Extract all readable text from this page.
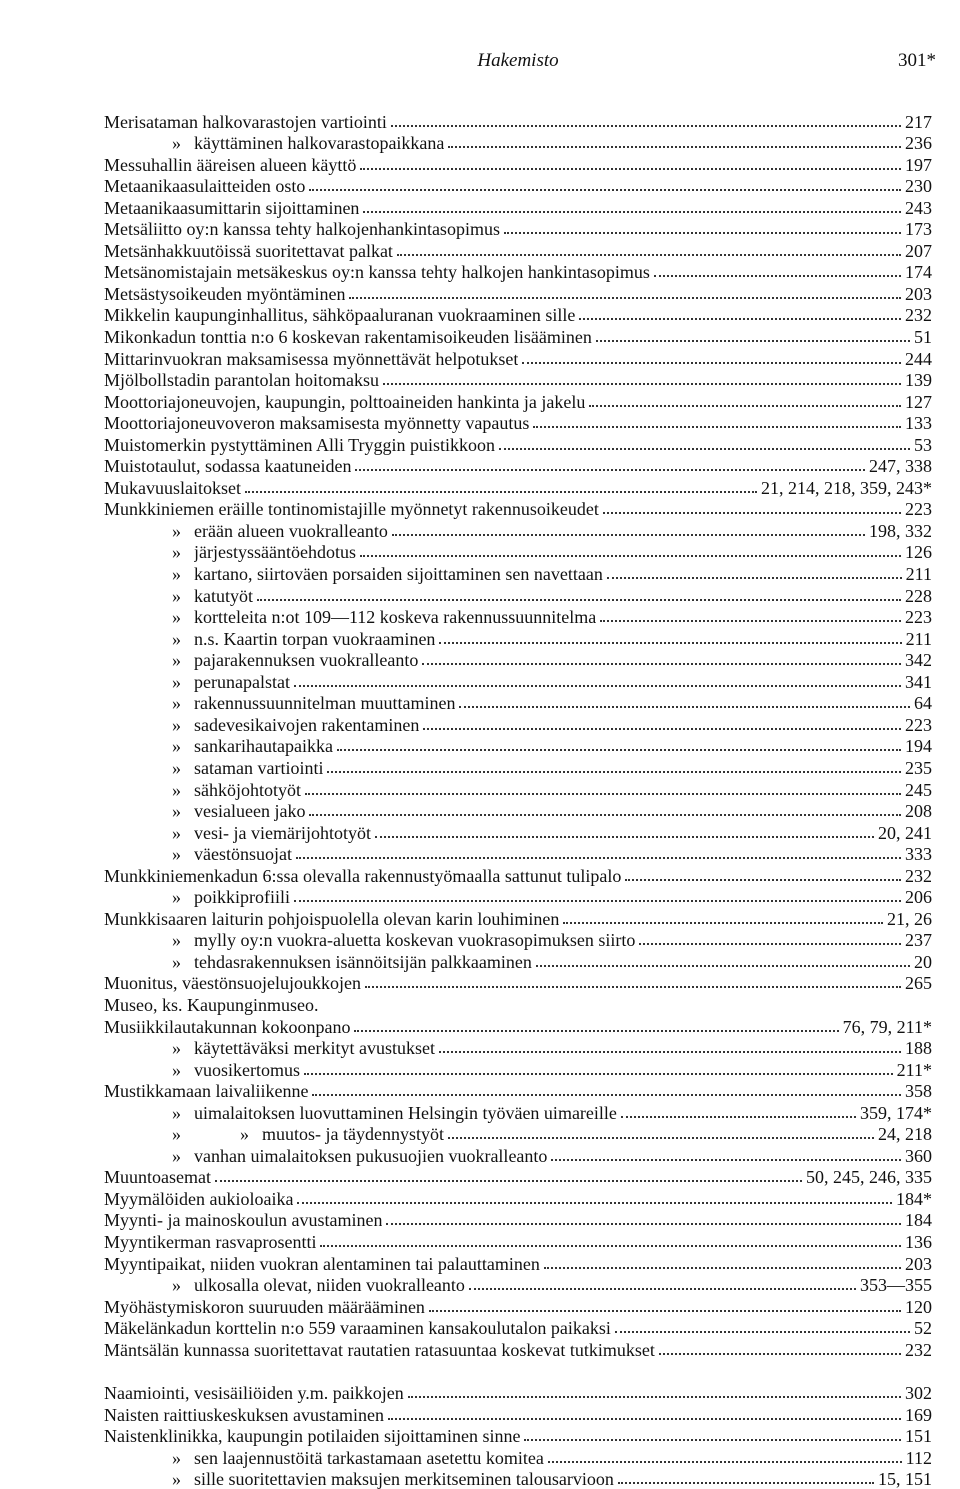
Hakemisto	301*
Merisataman halkovarastojen vartiointi	217
» käyttäminen halkovarastopaikkana	236
Messuhallin ääreisen alueen käyttö	197
Metaanikaasulaitteiden osto	230
Metaanikaasumittarin sijoittaminen	243
Metsäliitto oy:n kanssa tehty halkojenhankintasopimus	173
Metsänhakkuutöissä suoritettavat palkat	207
Metsänomistajain metsäkeskus oy:n kanssa tehty halkojen hankintasopimus	174
Metsästysoikeuden myöntäminen	203
Mikkelin kaupunginhallitus, sähköpaaluranan vuokraaminen sille	232
Mikonkadun tonttia n:o 6 koskevan rakentamisoikeuden lisääminen	51
Mittarinvuokran maksamisessa myönnettävät helpotukset	244
Mjölbollstadin parantolan hoitomaksu	139
Moottoriajoneuvojen, kaupungin, polttoaineiden hankinta ja jakelu	127
Moottoriajoneuvoveron maksamisesta myönnetty vapautus	133
Muistomerkin pystyttäminen Alli Tryggin puistikkoon	53
Muistotaulut, sodassa kaatuneiden	247, 338
Mukavuuslaitokset	21, 214, 218, 359, 243*
Munkkiniemen eräille tontinomistajille myönnetyt rakennusoikeudet	223
» erään alueen vuokralleanto	198, 332
» järjestyssääntöehdotus	126
» kartano, siirtoväen porsaiden sijoittaminen sen navettaan	211
» katutyöt	228
» kortteleita n:ot 109—112 koskeva rakennussuunnitelma	223
» n.s. Kaartin torpan vuokraaminen	211
» pajarakennuksen vuokralleanto	342
» perunapalstat	341
» rakennussuunnitelman muuttaminen	64
» sadevesikaivojen rakentaminen	223
» sankarihautapaikka	194
» sataman vartiointi	235
» sähköjohtotyöt	245
» vesialueen jako	208
» vesi- ja viemärijohtotyöt	20, 241
» väestönsuojat	333
Munkkiniemenkadun 6:ssa olevalla rakennustyömaalla sattunut tulipalo	232
» poikkiprofiili	206
Munkkisaaren laiturin pohjoispuolella olevan karin louhiminen	21, 26
» mylly oy:n vuokra-aluetta koskevan vuokrasopimuksen siirto	237
» tehdasrakennuksen isännöitsijän palkkaaminen	20
Muonitus, väestönsuojelujoukkojen	265
Museo, ks. Kaupunginmuseo.
Musiikkilautakunnan kokoonpano	76, 79, 211*
» käytettäväksi merkityt avustukset	188
» vuosikertomus	211*
Mustikkamaan laivaliikenne	358
» uimalaitoksen luovuttaminen Helsingin työväen uimareille	359, 174*
»	» muutos- ja täydennystyöt	24, 218
» vanhan uimalaitoksen pukusuojien vuokralleanto	360
Muuntoasemat	50, 245, 246, 335
Myymälöiden aukioloaika	184*
Myynti- ja mainoskoulun avustaminen	184
Myyntikerman rasvaprosentti	136
Myyntipaikat, niiden vuokran alentaminen tai palauttaminen	203
» ulkosalla olevat, niiden vuokralleanto	353—355
Myöhästymiskoron suuruuden määrääminen	120
Mäkelänkadun korttelin n:o 559 varaaminen kansakoulutalon paikaksi	52
Mäntsälän kunnassa suoritettavat rautatien ratasuuntaa koskevat tutkimukset	232
Naamiointi, vesisäiliöiden y.m. paikkojen	302
Naisten raittiuskeskuksen avustaminen	169
Naistenklinikka, kaupungin potilaiden sijoittaminen sinne	151
» sen laajennustöitä tarkastamaan asetettu komitea	112
» sille suoritettavien maksujen merkitseminen talousarvioon	15, 151
